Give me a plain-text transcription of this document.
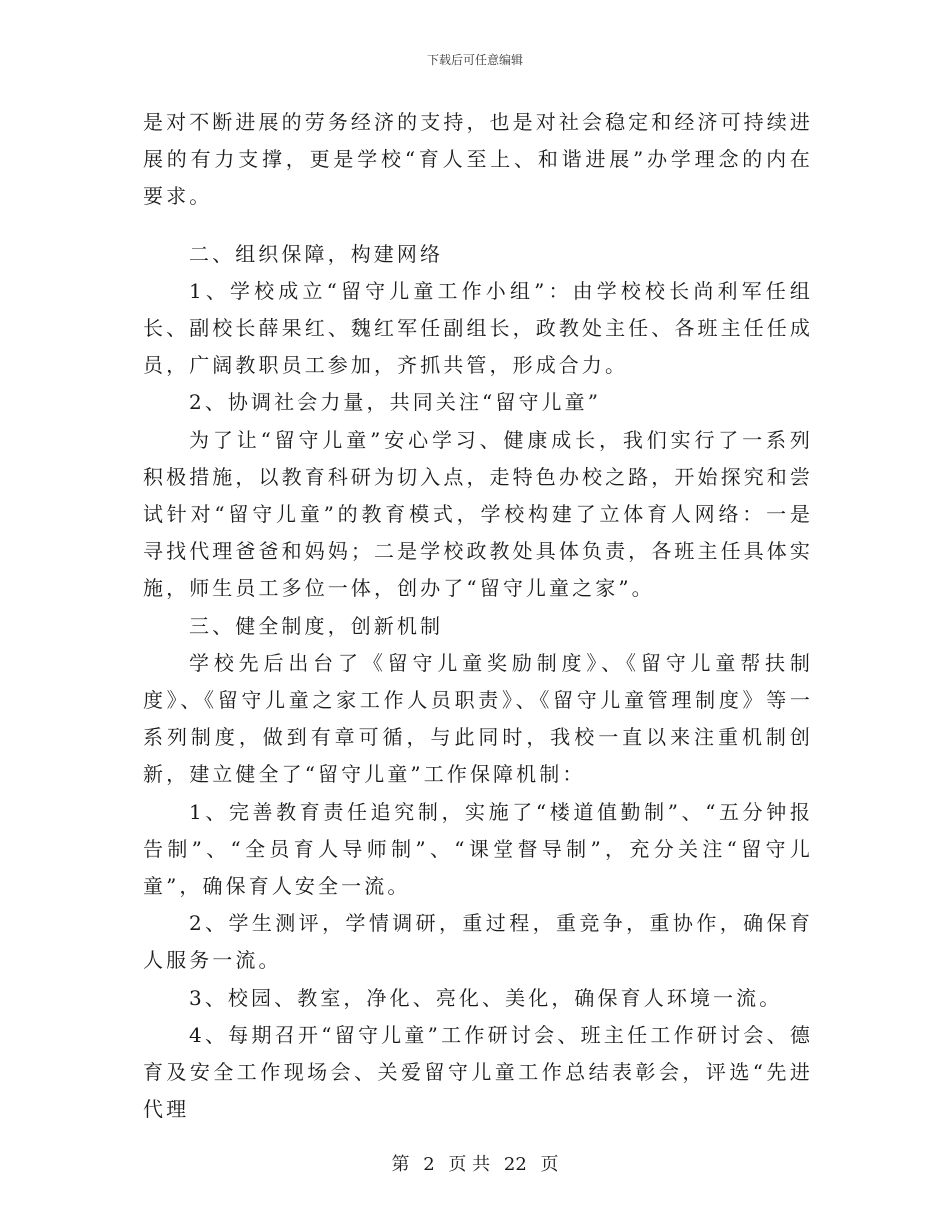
下载后可任意编辑

是对不断进展的劳务经济的支持，也是对社会稳定和经济可持续进展的有力支撑，更是学校“育人至上、和谐进展”办学理念的内在要求。

二、组织保障，构建网络

1、学校成立“留守儿童工作小组”：由学校校长尚利军任组长、副校长薛果红、魏红军任副组长，政教处主任、各班主任任成员，广阔教职员工参加，齐抓共管，形成合力。

2、协调社会力量，共同关注“留守儿童”

为了让“留守儿童”安心学习、健康成长，我们实行了一系列积极措施，以教育科研为切入点，走特色办校之路，开始探究和尝试针对“留守儿童”的教育模式，学校构建了立体育人网络：一是寻找代理爸爸和妈妈；二是学校政教处具体负责，各班主任具体实施，师生员工多位一体，创办了“留守儿童之家”。

三、健全制度，创新机制

学校先后出台了《留守儿童奖励制度》、《留守儿童帮扶制度》、《留守儿童之家工作人员职责》、《留守儿童管理制度》等一系列制度，做到有章可循，与此同时，我校一直以来注重机制创新，建立健全了“留守儿童”工作保障机制：

1、完善教育责任追究制，实施了“楼道值勤制”、“五分钟报告制”、“全员育人导师制”、“课堂督导制”，充分关注“留守儿童”，确保育人安全一流。

2、学生测评，学情调研，重过程，重竞争，重协作，确保育人服务一流。

3、校园、教室，净化、亮化、美化，确保育人环境一流。

4、每期召开“留守儿童”工作研讨会、班主任工作研讨会、德育及安全工作现场会、关爱留守儿童工作总结表彰会，评选“先进代理

第 2 页 共 22 页
